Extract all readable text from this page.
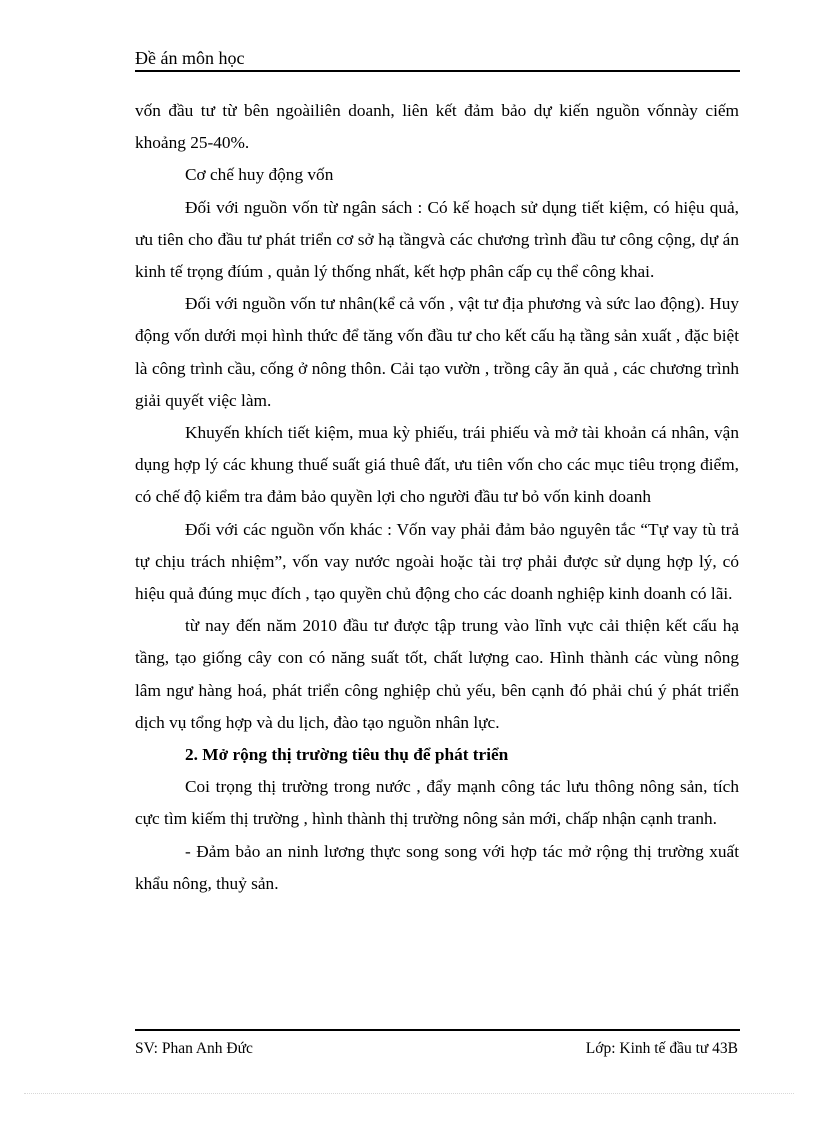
Đề án môn học

vốn đầu tư từ bên ngoàiliên doanh, liên kết đảm bảo dự kiến nguồn vốnnày ciếm khoảng 25-40%.

Cơ chế huy động vốn

Đối với nguồn vốn từ ngân sách : Có kế hoạch sử dụng tiết kiệm, có hiệu quả, ưu tiên cho đầu tư phát triển cơ sở hạ tầngvà các chương trình đầu tư công cộng, dự án kinh tế trọng đíúm , quản lý thống nhất, kết hợp phân cấp cụ thể công khai.

Đối với nguồn vốn tư nhân(kể cả vốn , vật tư địa phương và sức lao động). Huy động vốn dưới mọi hình thức để tăng vốn đầu tư cho kết cấu hạ tầng sản xuất , đặc biệt là công trình cầu, cống ở nông thôn. Cải tạo vườn , trồng cây ăn quả , các chương trình giải quyết việc làm.

Khuyến khích tiết kiệm, mua kỳ phiếu, trái phiếu và mở tài khoản cá nhân, vận dụng hợp lý các khung thuế suất giá thuê đất, ưu tiên vốn cho các mục tiêu trọng điểm, có chế độ kiểm tra đảm bảo quyền lợi cho người đầu tư bỏ vốn kinh doanh

Đối với các nguồn vốn khác : Vốn vay phải đảm bảo nguyên tắc “Tự vay tù trả tự chịu trách nhiệm”, vốn vay nước ngoài hoặc tài trợ phải được sử dụng hợp lý, có hiệu quả đúng mục đích , tạo quyền chủ động cho các doanh nghiệp kinh doanh có lãi.

từ nay đến năm 2010 đầu tư được tập trung vào lĩnh vực cải thiện kết cấu hạ tầng, tạo giống cây con có năng suất tốt, chất lượng cao. Hình thành các vùng nông lâm ngư hàng hoá, phát triển công nghiệp chủ yếu, bên cạnh đó phải chú ý phát triển dịch vụ tổng hợp và du lịch, đào tạo nguồn nhân lực.

2. Mở rộng thị trường tiêu thụ để phát triển

Coi trọng thị trường trong nước , đẩy mạnh công tác lưu thông nông sản, tích cực tìm kiếm thị trường , hình thành thị trường nông sản mới, chấp nhận cạnh tranh.

- Đảm bảo an ninh lương thực song song với hợp tác mở rộng thị trường xuất khẩu nông, thuỷ sản.

SV: Phan Anh Đức	Lớp: Kinh tế đầu tư 43B
